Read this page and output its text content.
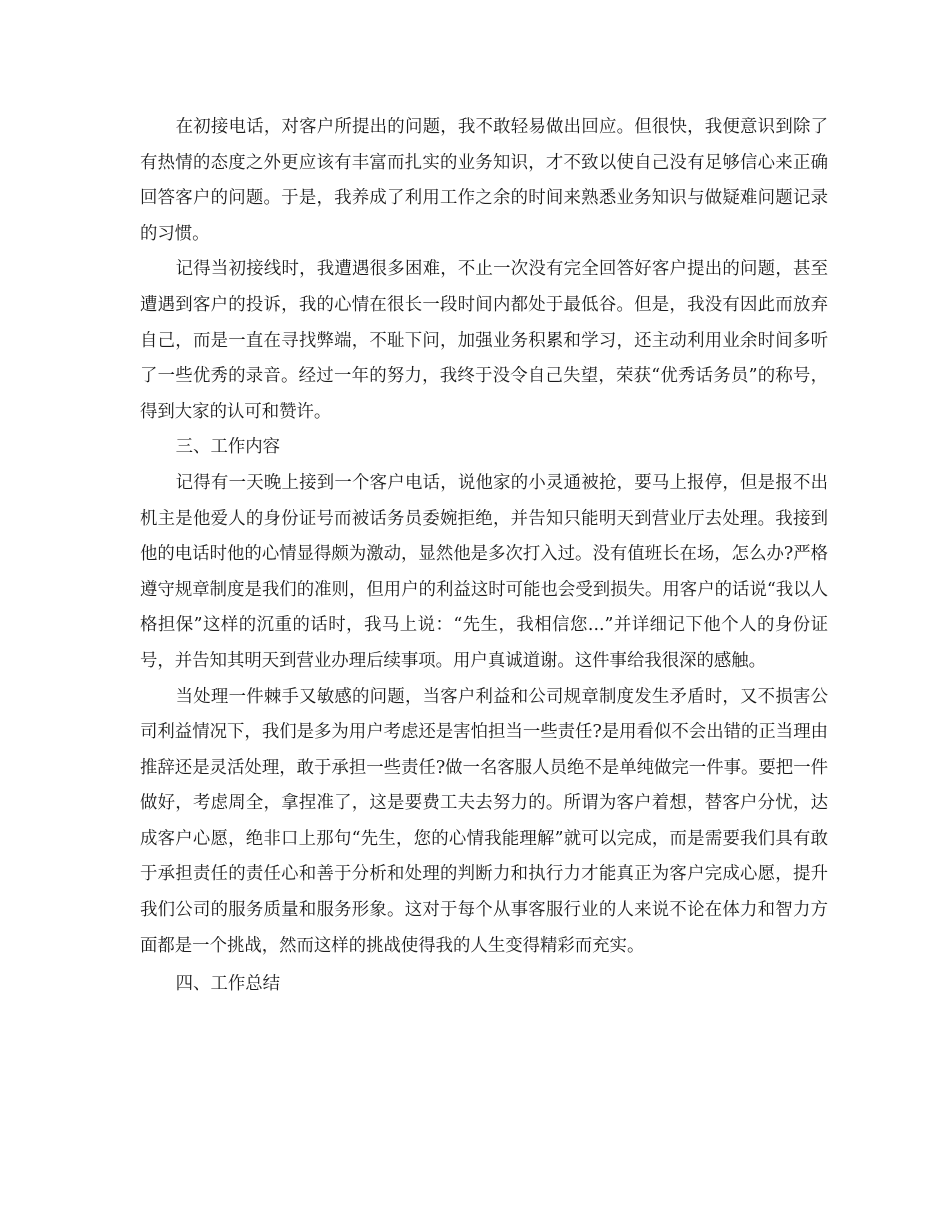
在初接电话，对客户所提出的问题，我不敢轻易做出回应。但很快，我便意识到除了有热情的态度之外更应该有丰富而扎实的业务知识，才不致以使自己没有足够信心来正确回答客户的问题。于是，我养成了利用工作之余的时间来熟悉业务知识与做疑难问题记录的习惯。

记得当初接线时，我遭遇很多困难，不止一次没有完全回答好客户提出的问题，甚至遭遇到客户的投诉，我的心情在很长一段时间内都处于最低谷。但是，我没有因此而放弃自己，而是一直在寻找弊端，不耻下问，加强业务积累和学习，还主动利用业余时间多听了一些优秀的录音。经过一年的努力，我终于没令自己失望，荣获“优秀话务员”的称号，得到大家的认可和赞许。

三、工作内容

记得有一天晚上接到一个客户电话，说他家的小灵通被抢，要马上报停，但是报不出机主是他爱人的身份证号而被话务员委婉拒绝，并告知只能明天到营业厅去处理。我接到他的电话时他的心情显得颇为激动，显然他是多次打入过。没有值班长在场，怎么办?严格遵守规章制度是我们的准则，但用户的利益这时可能也会受到损失。用客户的话说“我以人格担保”这样的沉重的话时，我马上说：“先生，我相信您...”并详细记下他个人的身份证号，并告知其明天到营业办理后续事项。用户真诚道谢。这件事给我很深的感触。

当处理一件棘手又敏感的问题，当客户利益和公司规章制度发生矛盾时，又不损害公司利益情况下，我们是多为用户考虑还是害怕担当一些责任?是用看似不会出错的正当理由推辞还是灵活处理，敢于承担一些责任?做一名客服人员绝不是单纯做完一件事。要把一件做好，考虑周全，拿捏准了，这是要费工夫去努力的。所谓为客户着想，替客户分忧，达成客户心愿，绝非口上那句“先生，您的心情我能理解”就可以完成，而是需要我们具有敢于承担责任的责任心和善于分析和处理的判断力和执行力才能真正为客户完成心愿，提升我们公司的服务质量和服务形象。这对于每个从事客服行业的人来说不论在体力和智力方面都是一个挑战，然而这样的挑战使得我的人生变得精彩而充实。

四、工作总结
